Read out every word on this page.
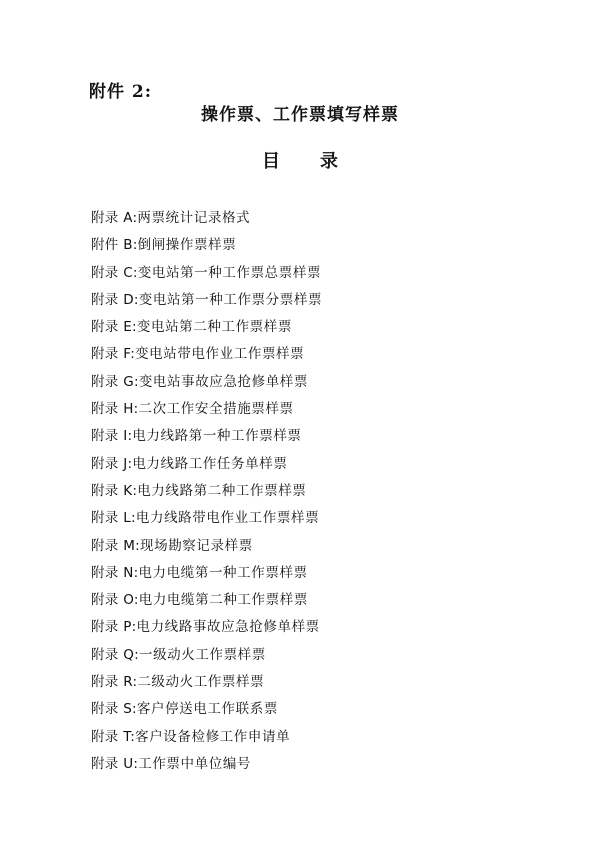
附件 2:
操作票、工作票填写样票
目 录
附录 A:两票统计记录格式
附件 B:倒闸操作票样票
附录 C:变电站第一种工作票总票样票
附录 D:变电站第一种工作票分票样票
附录 E:变电站第二种工作票样票
附录 F:变电站带电作业工作票样票
附录 G:变电站事故应急抢修单样票
附录 H:二次工作安全措施票样票
附录 I:电力线路第一种工作票样票
附录 J:电力线路工作任务单样票
附录 K:电力线路第二种工作票样票
附录 L:电力线路带电作业工作票样票
附录 M:现场勘察记录样票
附录 N:电力电缆第一种工作票样票
附录 O:电力电缆第二种工作票样票
附录 P:电力线路事故应急抢修单样票
附录 Q:一级动火工作票样票
附录 R:二级动火工作票样票
附录 S:客户停送电工作联系票
附录 T:客户设备检修工作申请单
附录 U:工作票中单位编号
